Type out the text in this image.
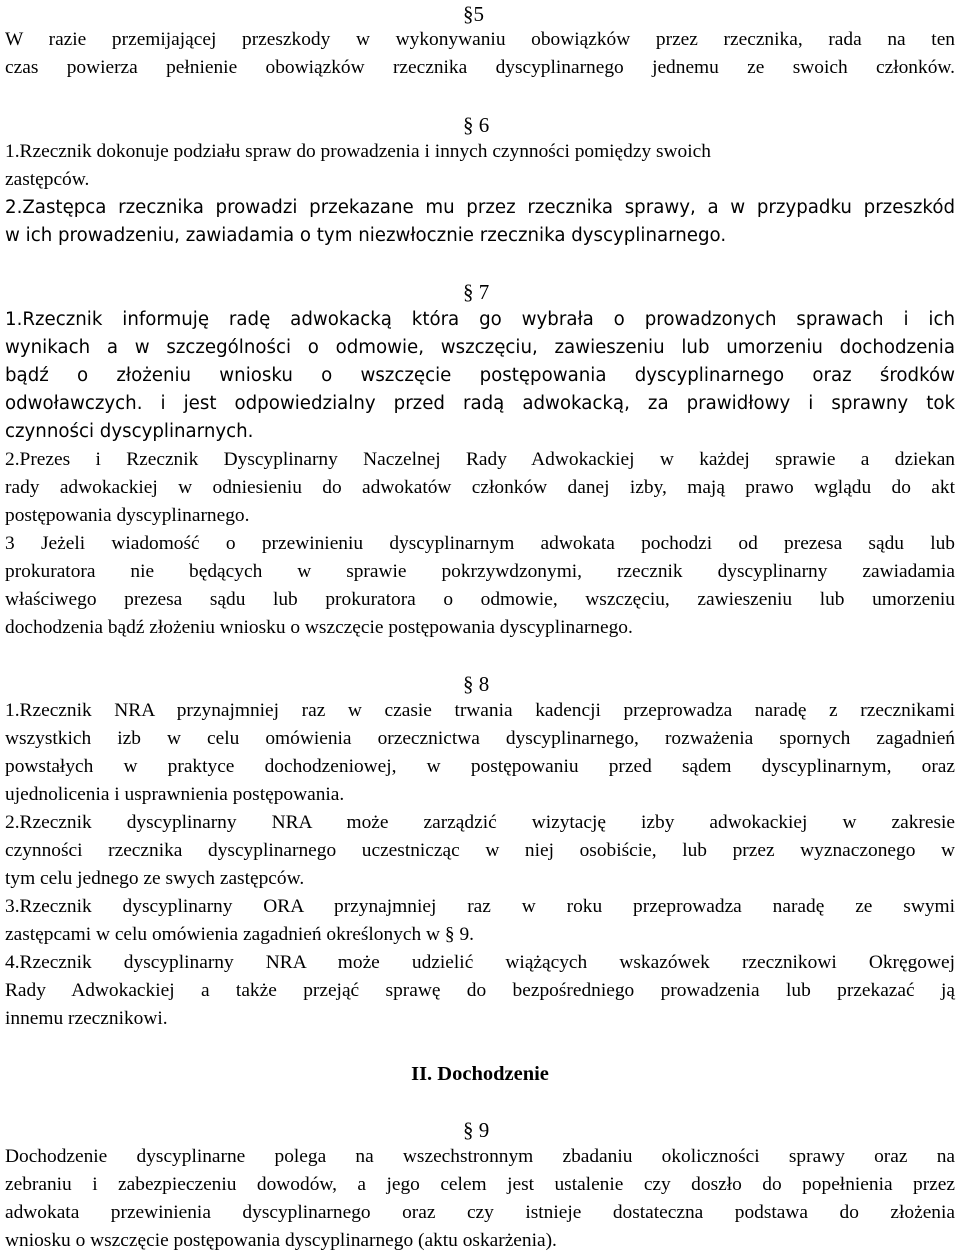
§5
W razie przemijającej przeszkody w wykonywaniu obowiązków przez rzecznika, rada na ten
czas powierza pełnienie obowiązków rzecznika dyscyplinarnego jednemu ze swoich członków.
§ 6
1.Rzecznik dokonuje podziału spraw do prowadzenia i innych czynności pomiędzy swoich
zastępców.
2.Zastępca rzecznika prowadzi przekazane mu przez rzecznika sprawy, a w przypadku przeszkód
w ich prowadzeniu, zawiadamia o tym niezwłocznie rzecznika dyscyplinarnego.
§ 7
1.Rzecznik informuję radę adwokacką która go wybrała o prowadzonych sprawach i ich
wynikach a w szczególności o odmowie, wszczęciu, zawieszeniu lub umorzeniu dochodzenia
bądź o złożeniu wniosku o wszczęcie postępowania dyscyplinarnego oraz środków
odwoławczych. i jest odpowiedzialny przed radą adwokacką, za prawidłowy i sprawny tok
czynności dyscyplinarnych.
2.Prezes i Rzecznik Dyscyplinarny Naczelnej Rady Adwokackiej w każdej sprawie a dziekan
rady adwokackiej w odniesieniu do adwokatów członków danej izby, mają prawo wglądu do akt
postępowania dyscyplinarnego.
3 Jeżeli wiadomość o przewinieniu dyscyplinarnym adwokata pochodzi od prezesa sądu lub
prokuratora nie będących w sprawie pokrzywdzonymi, rzecznik dyscyplinarny zawiadamia
właściwego prezesa sądu lub prokuratora o odmowie, wszczęciu, zawieszeniu lub umorzeniu
dochodzenia bądź złożeniu wniosku o wszczęcie postępowania dyscyplinarnego.
§ 8
1.Rzecznik NRA przynajmniej raz w czasie trwania kadencji przeprowadza naradę z rzecznikami
wszystkich izb w celu omówienia orzecznictwa dyscyplinarnego, rozważenia spornych zagadnień
powstałych w praktyce dochodzeniowej, w postępowaniu przed sądem dyscyplinarnym, oraz
ujednolicenia i usprawnienia postępowania.
2.Rzecznik dyscyplinarny NRA może zarządzić wizytację izby adwokackiej w zakresie
czynności rzecznika dyscyplinarnego uczestnicząc w niej osobiście, lub przez wyznaczonego w
tym celu jednego ze swych zastępców.
3.Rzecznik dyscyplinarny ORA przynajmniej raz w roku przeprowadza naradę ze swymi
zastępcami w celu omówienia zagadnień określonych w § 9.
4.Rzecznik dyscyplinarny NRA może udzielić wiążących wskazówek rzecznikowi Okręgowej
Rady Adwokackiej a także przejąć sprawę do bezpośredniego prowadzenia lub przekazać ją
innemu rzecznikowi.
II. Dochodzenie
§ 9
Dochodzenie dyscyplinarne polega na wszechstronnym zbadaniu okoliczności sprawy oraz na
zebraniu i zabezpieczeniu dowodów, a jego celem jest ustalenie czy doszło do popełnienia przez
adwokata przewinienia dyscyplinarnego oraz czy istnieje dostateczna podstawa do złożenia
wniosku o wszczęcie postępowania dyscyplinarnego (aktu oskarżenia).
